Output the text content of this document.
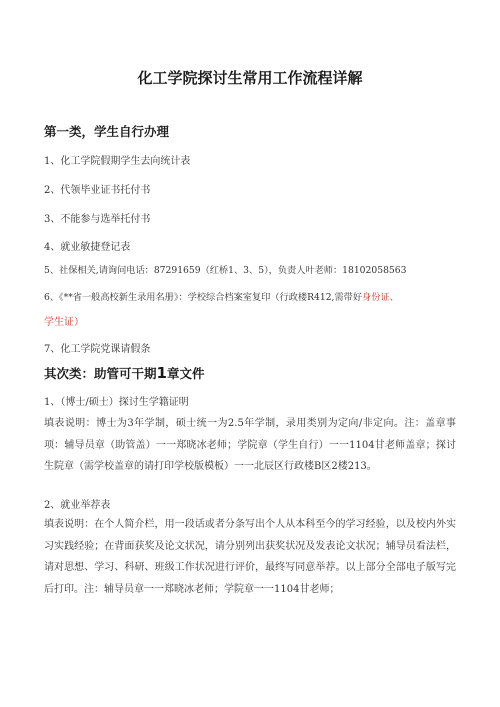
化工学院探讨生常用工作流程详解
第一类，学生自行办理
1、化工学院假期学生去向统计表
2、代领毕业证书托付书
3、不能参与选举托付书
4、就业敏捷登记表
5、社保相关,请询问电话：87291659（红桥1、3、5），负责人叶老师：18102058563
6、《**省一般高校新生录用名册》：学校综合档案室复印（行政楼R412,需带好身份证、
学生证）
7、化工学院党课请假条
其次类：助管可干期1章文件
1、（博士/硕士）探讨生学籍证明

填表说明：博士为3年学制，硕士统一为2.5年学制，录用类别为定向/非定向。注：盖章事项：辅导员章（助管盖）一一郑晓冰老师；学院章（学生自行）一一1104甘老师盖章；探讨生院章（需学校盖章的请打印学校版模板）一一北辰区行政楼B区2楼213。

2、就业举荐表

填表说明：在个人简介栏，用一段话或者分条写出个人从本科至今的学习经验，以及校内外实习实践经验；在背面获奖及论文状况，请分别列出获奖状况及发表论文状况；辅导员看法栏，请对思想、学习、科研、班级工作状况进行评价，最终写同意举荐。以上部分全部电子版写完后打印。注：辅导员章一一郑晓冰老师；学院章一一1104甘老师；
